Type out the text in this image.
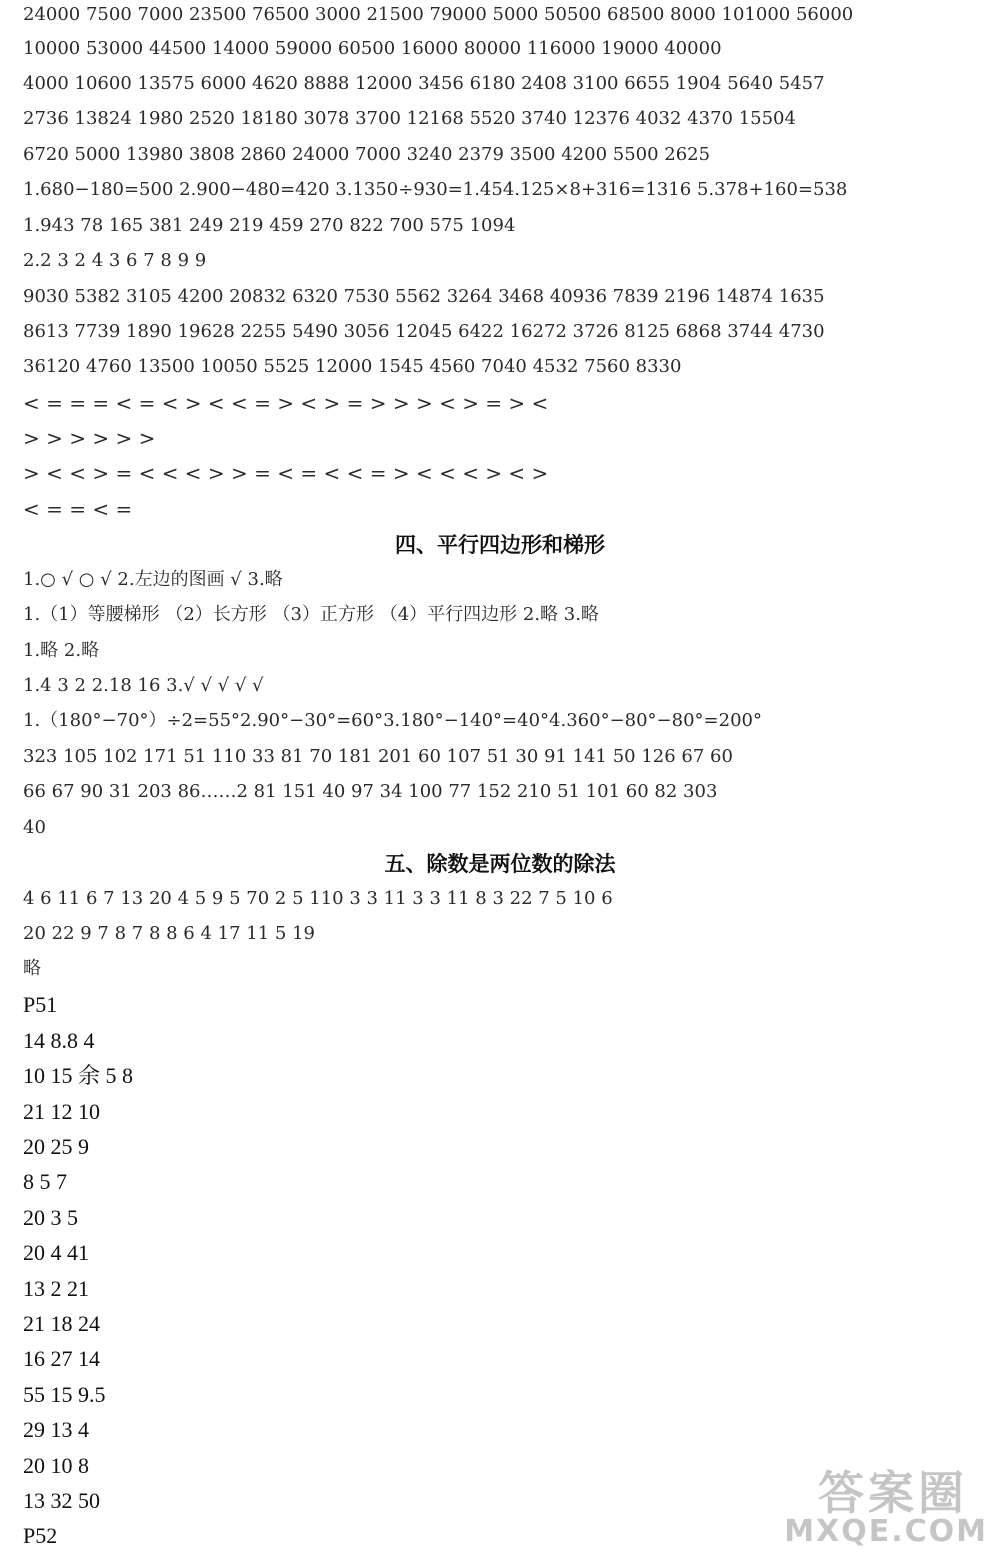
24000 7500 7000 23500 76500 3000 21500 79000 5000 50500 68500 8000 101000 56000
10000 53000 44500 14000 59000 60500 16000 80000 116000 19000 40000
4000 10600 13575 6000 4620 8888 12000 3456 6180 2408 3100 6655 1904 5640 5457
2736 13824 1980 2520 18180 3078 3700 12168 5520 3740 12376 4032 4370 15504
6720 5000 13980 3808 2860 24000 7000 3240 2379 3500 4200 5500 2625
1.680−180=500 2.900−480=420 3.1350÷930=1.454.125×8+316=1316 5.378+160=538
1.943 78 165 381 249 219 459 270 822 700 575 1094
2.2 3 2 4 3 6 7 8 9 9
9030 5382 3105 4200 20832 6320 7530 5562 3264 3468 40936 7839 2196 14874 1635
8613 7739 1890 19628 2255 5490 3056 12045 6422 16272 3726 8125 6868 3744 4730
36120 4760 13500 10050 5525 12000 1545 4560 7040 4532 7560 8330
< = = = < = < > < < = > < > = > > > < > = > <
> > > > > >
> < < > = < < < > > = < = < < = > < < < > < >
< = = < =
四、平行四边形和梯形
1.○ √ ○ √ 2.左边的图画 √ 3.略
1.（1）等腰梯形 （2）长方形 （3）正方形 （4）平行四边形 2.略 3.略
1.略 2.略
1.4 3 2 2.18 16 3.√ √ √ √ √
1.（180°−70°）÷2=55°2.90°−30°=60°3.180°−140°=40°4.360°−80°−80°=200°
323 105 102 171 51 110 33 81 70 181 201 60 107 51 30 91 141 50 126 67 60
66 67 90 31 203 86……2 81 151 40 97 34 100 77 152 210 51 101 60 82 303
40
五、除数是两位数的除法
4 6 11 6 7 13 20 4 5 9 5 70 2 5 110 3 3 11 3 3 11 8 3 22 7 5 10 6
20 22 9 7 8 7 8 8 6 4 17 11 5 19
略
P51
14 8.8 4
10 15 余 5 8
21 12 10
20 25 9
8 5 7
20 3 5
20 4 41
13 2 21
21 18 24
16 27 14
55 15 9.5
29 13 4
20 10 8
13 32 50
P52
答案圈
MXQE.COM
